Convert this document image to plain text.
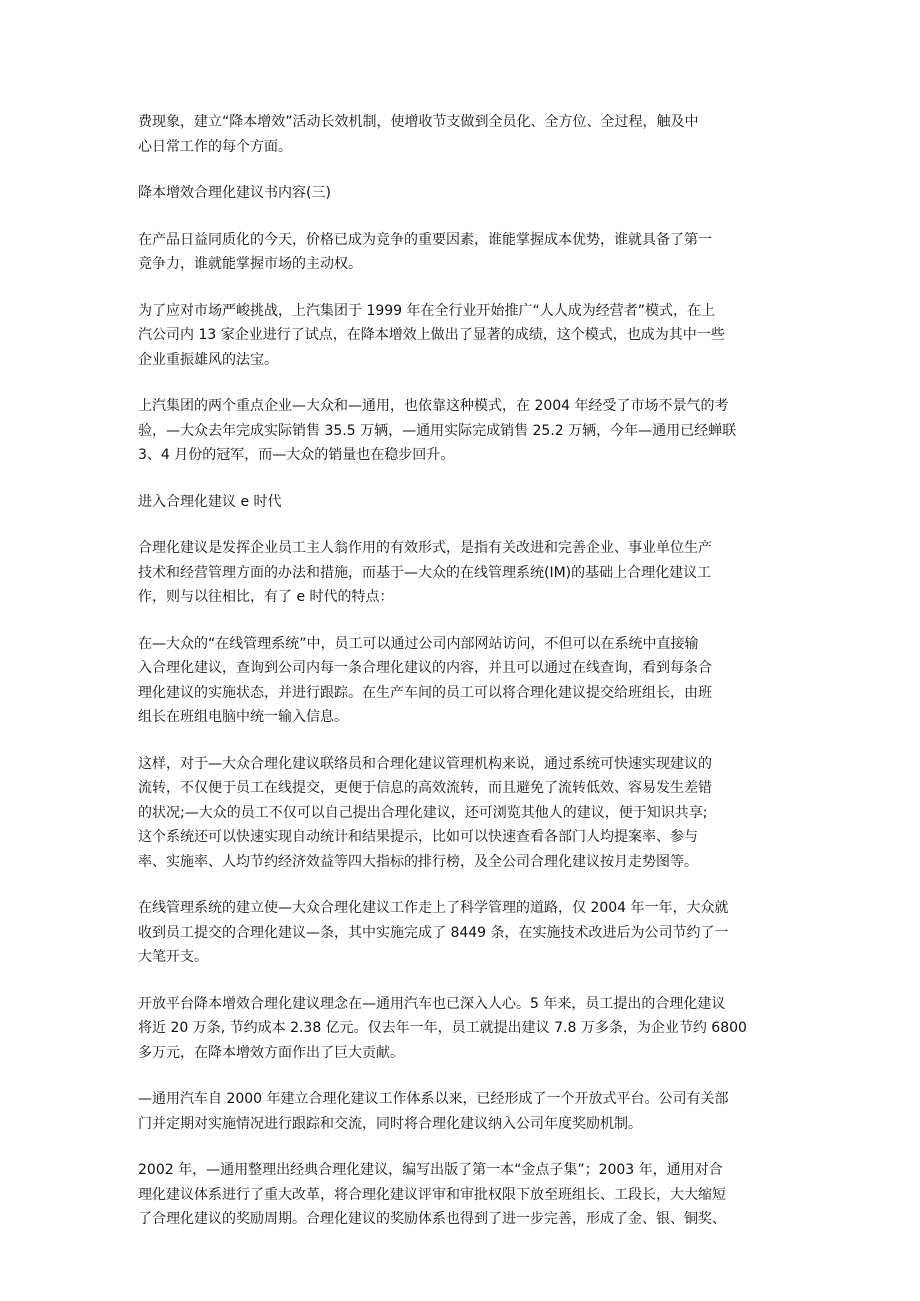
费现象，建立“降本增效”活动长效机制，使增收节支做到全员化、全方位、全过程，触及中
心日常工作的每个方面。

降本增效合理化建议书内容(三)

在产品日益同质化的今天，价格已成为竞争的重要因素，谁能掌握成本优势，谁就具备了第一
竞争力，谁就能掌握市场的主动权。

为了应对市场严峻挑战，上汽集团于 1999 年在全行业开始推广“人人成为经营者”模式，在上
汽公司内 13 家企业进行了试点，在降本增效上做出了显著的成绩，这个模式，也成为其中一些
企业重振雄风的法宝。

上汽集团的两个重点企业—大众和—通用，也依靠这种模式，在 2004 年经受了市场不景气的考
验，—大众去年完成实际销售 35.5 万辆，—通用实际完成销售 25.2 万辆，今年—通用已经蝉联
3、4 月份的冠军，而—大众的销量也在稳步回升。

进入合理化建议 e 时代

合理化建议是发挥企业员工主人翁作用的有效形式，是指有关改进和完善企业、事业单位生产
技术和经营管理方面的办法和措施，而基于—大众的在线管理系统(IM)的基础上合理化建议工
作，则与以往相比，有了 e 时代的特点：

在—大众的“在线管理系统”中，员工可以通过公司内部网站访问，不但可以在系统中直接输
入合理化建议，查询到公司内每一条合理化建议的内容，并且可以通过在线查询，看到每条合
理化建议的实施状态，并进行跟踪。在生产车间的员工可以将合理化建议提交给班组长，由班
组长在班组电脑中统一输入信息。

这样，对于—大众合理化建议联络员和合理化建议管理机构来说，通过系统可快速实现建议的
流转，不仅便于员工在线提交，更便于信息的高效流转，而且避免了流转低效、容易发生差错
的状况;—大众的员工不仅可以自己提出合理化建议，还可浏览其他人的建议，便于知识共享;
这个系统还可以快速实现自动统计和结果提示，比如可以快速查看各部门人均提案率、参与
率、实施率、人均节约经济效益等四大指标的排行榜，及全公司合理化建议按月走势图等。

在线管理系统的建立使—大众合理化建议工作走上了科学管理的道路，仅 2004 年一年，大众就
收到员工提交的合理化建议—条，其中实施完成了 8449 条，在实施技术改进后为公司节约了一
大笔开支。

开放平台降本增效合理化建议理念在—通用汽车也已深入人心。5 年来，员工提出的合理化建议
将近 20 万条, 节约成本 2.38 亿元。仅去年一年，员工就提出建议 7.8 万多条，为企业节约 6800
多万元，在降本增效方面作出了巨大贡献。

—通用汽车自 2000 年建立合理化建议工作体系以来，已经形成了一个开放式平台。公司有关部
门并定期对实施情况进行跟踪和交流，同时将合理化建议纳入公司年度奖励机制。

2002 年，—通用整理出经典合理化建议，编写出版了第一本“金点子集”；2003 年，通用对合
理化建议体系进行了重大改革，将合理化建议评审和审批权限下放至班组长、工段长，大大缩短
了合理化建议的奖励周期。合理化建议的奖励体系也得到了进一步完善，形成了金、银、铜奖、
